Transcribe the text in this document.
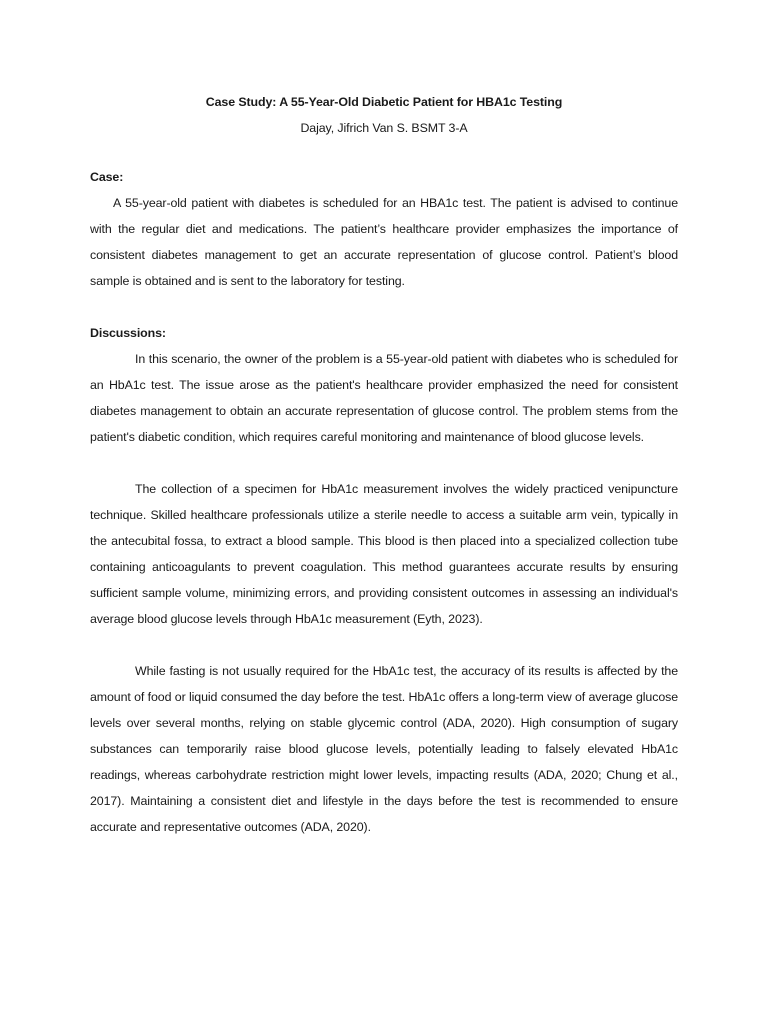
Case Study: A 55-Year-Old Diabetic Patient for HBA1c Testing

Dajay, Jifrich Van S. BSMT 3-A

Case:

A 55-year-old patient with diabetes is scheduled for an HBA1c test. The patient is advised to continue with the regular diet and medications. The patient’s healthcare provider emphasizes the importance of consistent diabetes management to get an accurate representation of glucose control. Patient’s blood sample is obtained and is sent to the laboratory for testing.

Discussions:

In this scenario, the owner of the problem is a 55-year-old patient with diabetes who is scheduled for an HbA1c test. The issue arose as the patient's healthcare provider emphasized the need for consistent diabetes management to obtain an accurate representation of glucose control. The problem stems from the patient's diabetic condition, which requires careful monitoring and maintenance of blood glucose levels.

The collection of a specimen for HbA1c measurement involves the widely practiced venipuncture technique. Skilled healthcare professionals utilize a sterile needle to access a suitable arm vein, typically in the antecubital fossa, to extract a blood sample. This blood is then placed into a specialized collection tube containing anticoagulants to prevent coagulation. This method guarantees accurate results by ensuring sufficient sample volume, minimizing errors, and providing consistent outcomes in assessing an individual's average blood glucose levels through HbA1c measurement (Eyth, 2023).

While fasting is not usually required for the HbA1c test, the accuracy of its results is affected by the amount of food or liquid consumed the day before the test. HbA1c offers a long-term view of average glucose levels over several months, relying on stable glycemic control (ADA, 2020). High consumption of sugary substances can temporarily raise blood glucose levels, potentially leading to falsely elevated HbA1c readings, whereas carbohydrate restriction might lower levels, impacting results (ADA, 2020; Chung et al., 2017). Maintaining a consistent diet and lifestyle in the days before the test is recommended to ensure accurate and representative outcomes (ADA, 2020).
